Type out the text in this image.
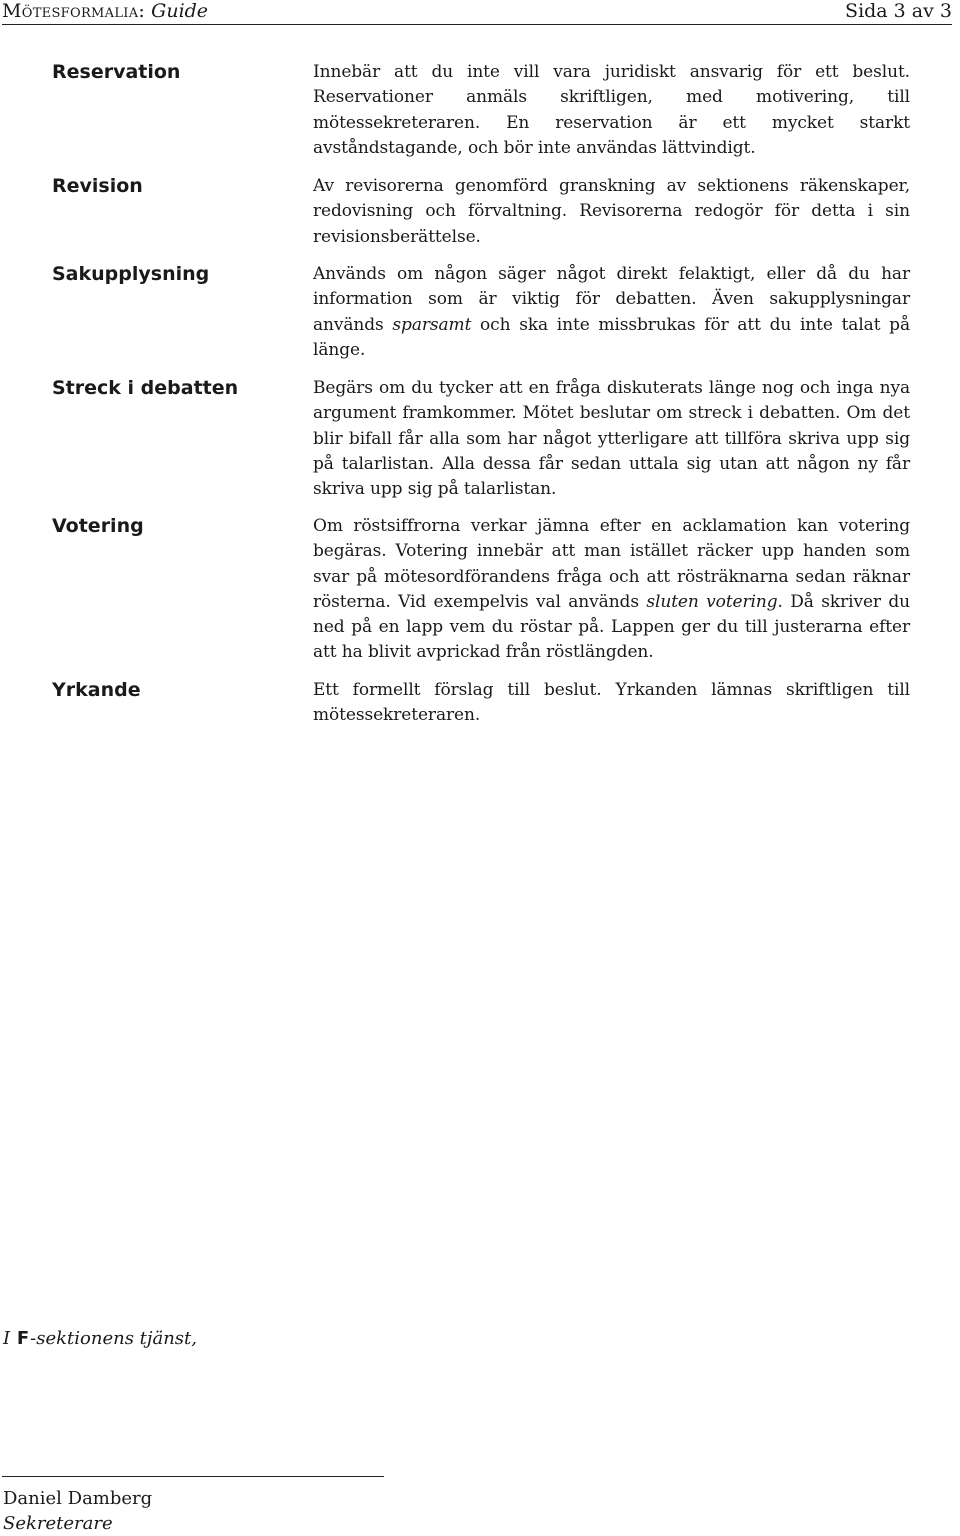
Mötesformalia: Guide	Sida 3 av 3
Reservation	Innebär att du inte vill vara juridiskt ansvarig för ett beslut. Reservationer anmäls skriftligen, med motivering, till mötessekreteraren. En reservation är ett mycket starkt avståndstagande, och bör inte användas lättvindigt.

Revision	Av revisorerna genomförd granskning av sektionens räkenskaper, redovisning och förvaltning. Revisorerna redogör för detta i sin revisionsberättelse.

Sakupplysning	Används om någon säger något direkt felaktigt, eller då du har information som är viktig för debatten. Även sakupplysningar används sparsamt och ska inte missbrukas för att du inte talat på länge.

Streck i debatten	Begärs om du tycker att en fråga diskuterats länge nog och inga nya argument framkommer. Mötet beslutar om streck i debatten. Om det blir bifall får alla som har något ytterligare att tillföra skriva upp sig på talarlistan. Alla dessa får sedan uttala sig utan att någon ny får skriva upp sig på talarlistan.

Votering	Om röstsiffrorna verkar jämna efter en acklamation kan votering begäras. Votering innebär att man istället räcker upp handen som svar på mötesordförandens fråga och att rösträknarna sedan räknar rösterna. Vid exempelvis val används sluten votering. Då skriver du ned på en lapp vem du röstar på. Lappen ger du till justerarna efter att ha blivit avprickad från röstlängden.

Yrkande	Ett formellt förslag till beslut. Yrkanden lämnas skriftligen till mötessekreteraren.

I F-sektionens tjänst,
Daniel Damberg
Sekreterare
